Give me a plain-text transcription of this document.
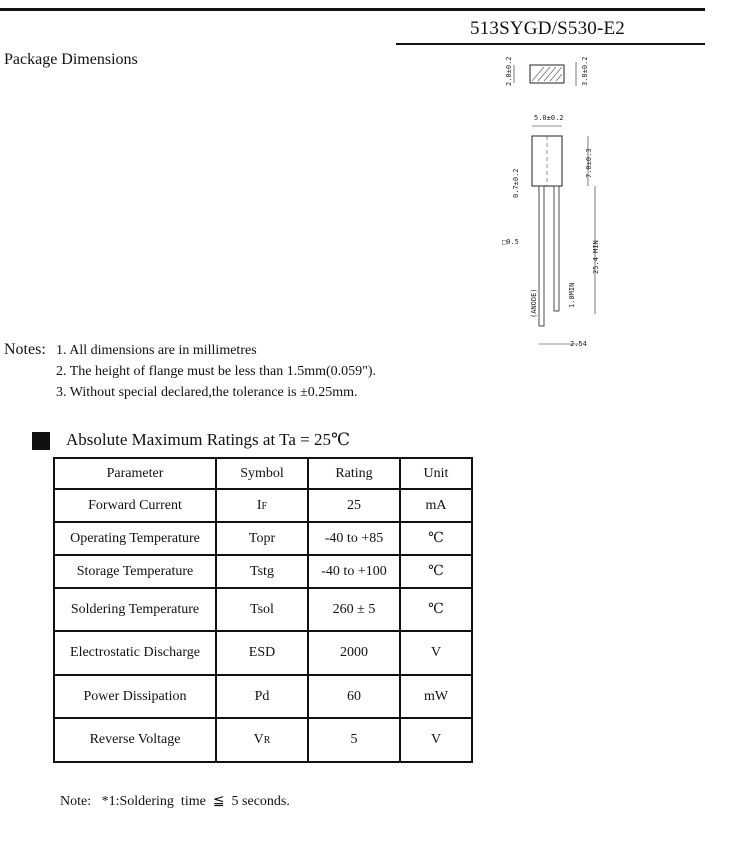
513SYGD/S530-E2
Package Dimensions	2.0±0.2	3.8±0.2
5.0±0.2
7.0±0.3
0.7±0.2
25.4 MIN
□0.5
(ANODE)	1.0MIN
2.54
Notes: 1. All dimensions are in millimetres
2. The height of flange must be less than 1.5mm(0.059").
3. Without special declared,the tolerance is ±0.25mm.
Absolute Maximum Ratings at Ta = 25℃
Parameter	Symbol	Rating	Unit
Forward Current	IF	25	mA
Operating Temperature	Topr	-40 to +85	℃
Storage Temperature	Tstg	-40 to +100	℃
Soldering Temperature	Tsol	260 ± 5	℃
Electrostatic Discharge	ESD	2000	V
Power Dissipation	Pd	60	mW
Reverse Voltage	VR	5	V
Note:   *1:Soldering  time  ≦  5 seconds.
